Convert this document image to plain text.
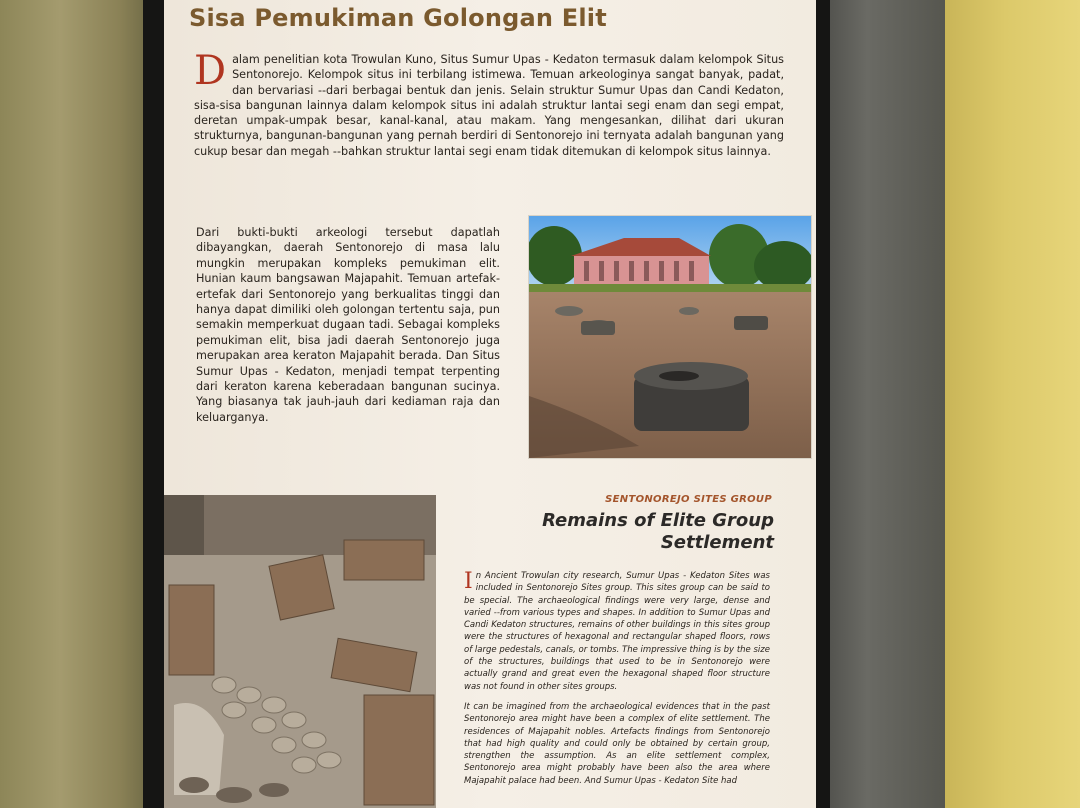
Sisa Pemukiman Golongan Elit
Dalam penelitian kota Trowulan Kuno, Situs Sumur Upas - Kedaton termasuk dalam kelompok Situs Sentonorejo. Kelompok situs ini terbilang istimewa. Temuan arkeologinya sangat banyak, padat, dan bervariasi --dari berbagai bentuk dan jenis. Selain struktur Sumur Upas dan Candi Kedaton, sisa-sisa bangunan lainnya dalam kelompok situs ini adalah struktur lantai segi enam dan segi empat, deretan umpak-umpak besar, kanal-kanal, atau makam. Yang mengesankan, dilihat dari ukuran strukturnya, bangunan-bangunan yang pernah berdiri di Sentonorejo ini ternyata adalah bangunan yang cukup besar dan megah --bahkan struktur lantai segi enam tidak ditemukan di kelompok situs lainnya.
Dari bukti-bukti arkeologi tersebut dapatlah dibayangkan, daerah Sentonorejo di masa lalu mungkin merupakan kompleks pemukiman elit. Hunian kaum bangsawan Majapahit. Temuan artefak-ertefak dari Sentonorejo yang berkualitas tinggi dan hanya dapat dimiliki oleh golongan tertentu saja, pun semakin memperkuat dugaan tadi. Sebagai kompleks pemukiman elit, bisa jadi daerah Sentonorejo juga merupakan area keraton Majapahit berada. Dan Situs Sumur Upas - Kedaton, menjadi tempat terpenting dari keraton karena keberadaan bangunan sucinya. Yang biasanya tak jauh-jauh dari kediaman raja dan keluarganya.
SENTONOREJO SITES GROUP
Remains of Elite Group
Settlement

In Ancient Trowulan city research, Sumur Upas - Kedaton Sites was included in Sentonorejo Sites group. This sites group can be said to be special. The archaeological findings were very large, dense and varied --from various types and shapes. In addition to Sumur Upas and Candi Kedaton structures, remains of other buildings in this sites group were the structures of hexagonal and rectangular shaped floors, rows of large pedestals, canals, or tombs. The impressive thing is by the size of the structures, buildings that used to be in Sentonorejo were actually grand and great even the hexagonal shaped floor structure was not found in other sites groups.

It can be imagined from the archaeological evidences that in the past Sentonorejo area might have been a complex of elite settlement. The residences of Majapahit nobles. Artefacts findings from Sentonorejo that had high quality and could only be obtained by certain group, strengthen the assumption. As an elite settlement complex, Sentonorejo area might probably have been also the area where Majapahit palace had been. And Sumur Upas - Kedaton Site had
